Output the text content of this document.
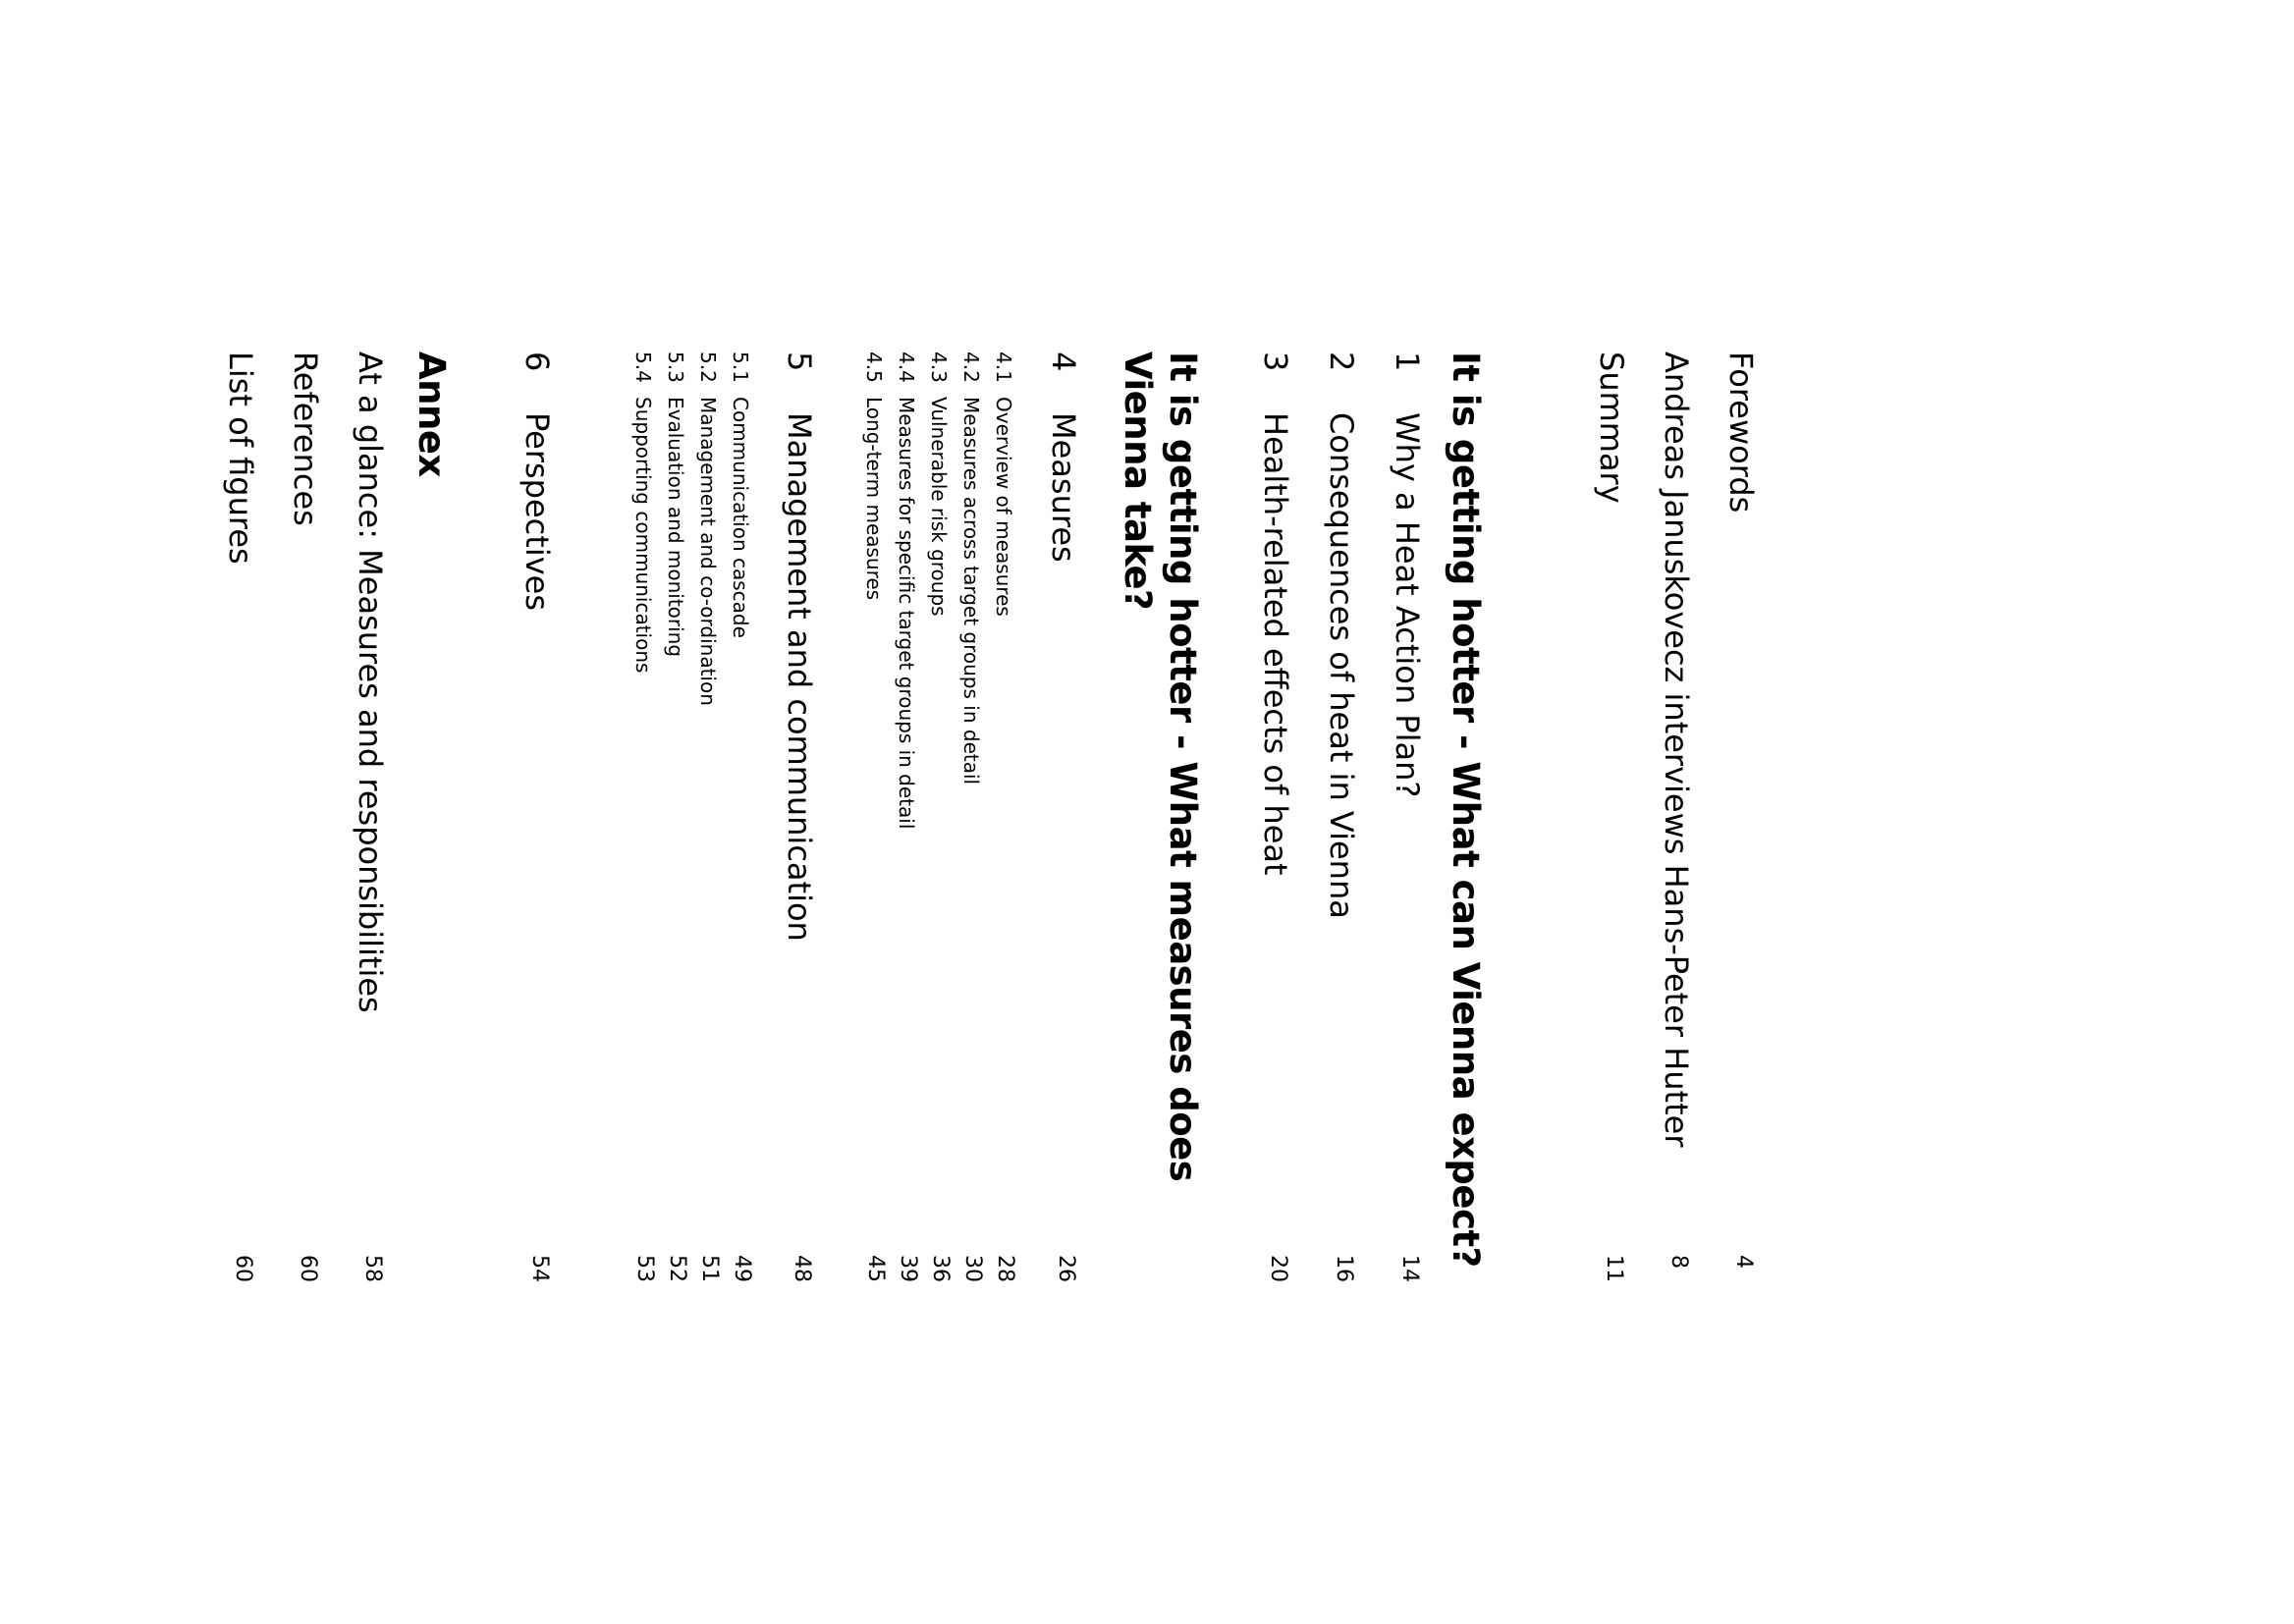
Forewords
4
Andreas Januskovecz interviews Hans-Peter Hutter
8
Summary
11
It is getting hotter - What can Vienna expect?
1
Why a Heat Action Plan?
14
2
Consequences of heat in Vienna
16
3
Health-related effects of heat
20
It is getting hotter - What measures does
Vienna take?
4
Measures
26
4.1
Overview of measures
28
4.2
Measures across target groups in detail
30
4.3
Vulnerable risk groups
36
4.4
Measures for specific target groups in detail
39
4.5
Long-term measures
45
5
Management and communication
48
5.1
Communication cascade
49
5.2
Management and co-ordination
51
5.3
Evaluation and monitoring
52
5.4
Supporting communications
53
6
Perspectives
54
Annex
At a glance: Measures and responsibilities
58
References
60
List of figures
60
